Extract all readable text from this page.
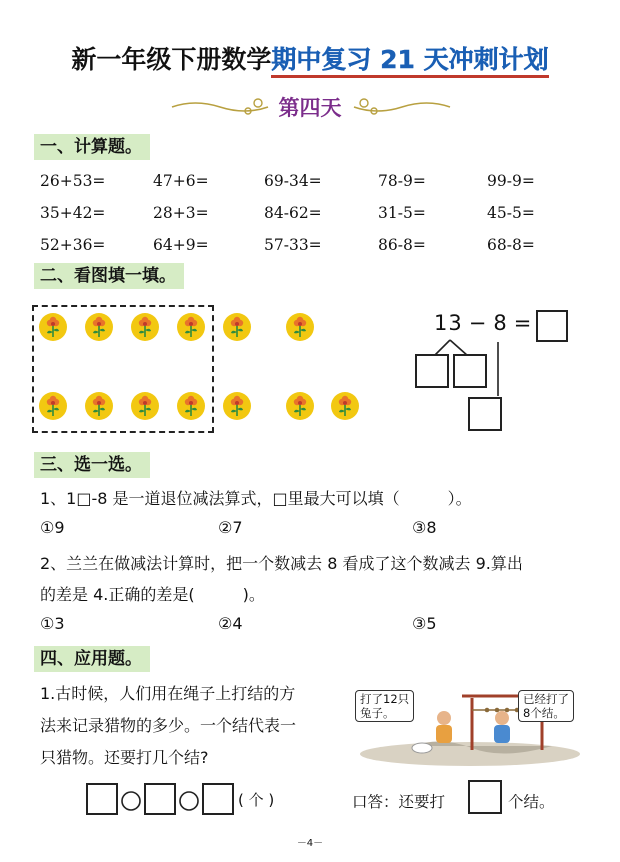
新一年级下册数学期中复习 21 天冲刺计划
第四天
一、计算题。
二、看图填一填。
13 − 8 =
三、选一选。
1、1□-8 是一道退位减法算式，□里最大可以填（　　　）。
①9	②7	③8
2、兰兰在做减法计算时，把一个数减去 8 看成了这个数减去 9.算出
的差是 4.正确的差是(　　　)。
①3	②4	③5
四、应用题。
1.古时候，人们用在绳子上打结的方
法来记录猎物的多少。一个结代表一
只猎物。还要打几个结?
打了12只
兔子。
已经打了
8个结。
( 个 )	口答：还要打	个结。
－4－
26+53=	47+6=	69-34=	78-9=	99-9=
35+42=	28+3=	84-62=	31-5=	45-5=
52+36=	64+9=	57-33=	86-8=	68-8=
